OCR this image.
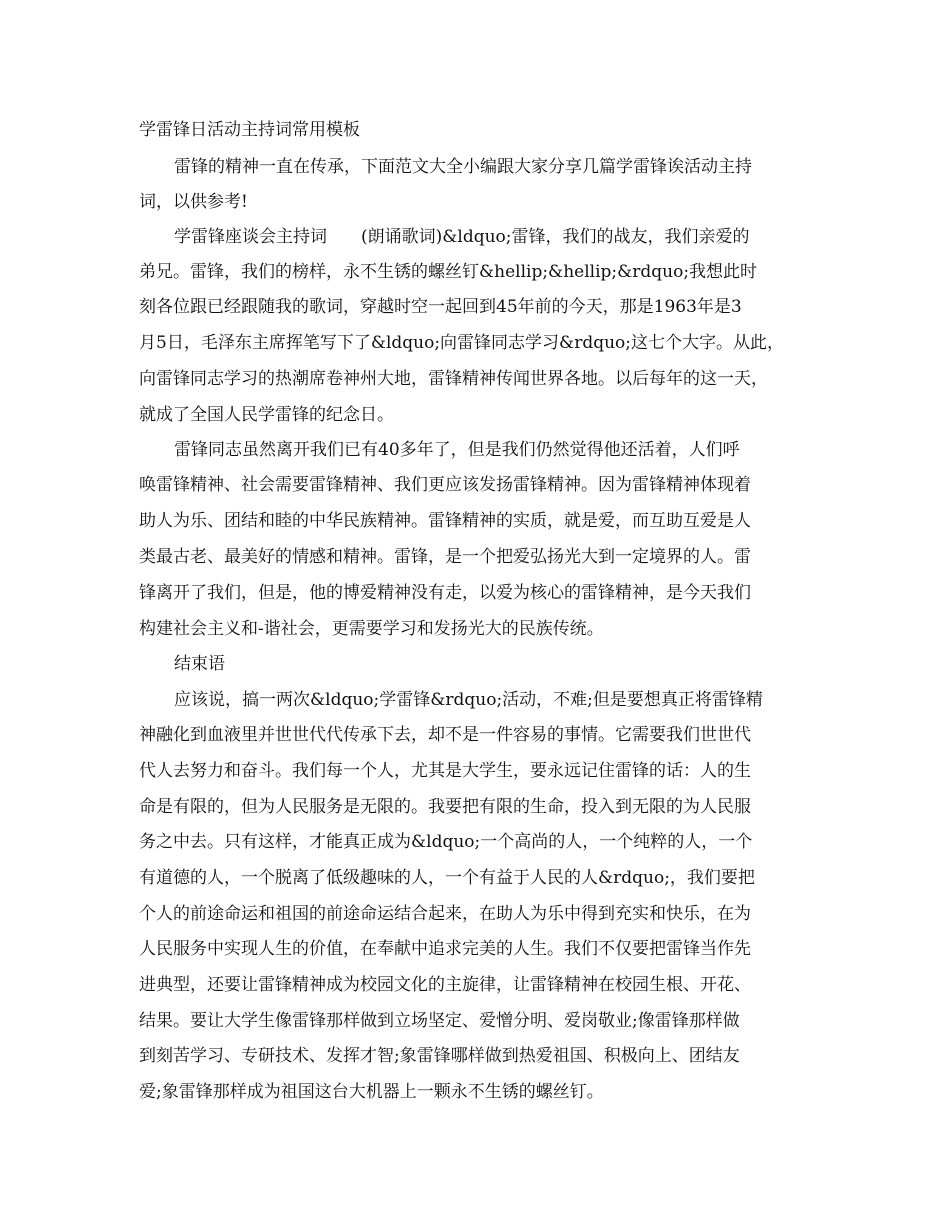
学雷锋日活动主持词常用模板
雷锋的精神一直在传承，下面范文大全小编跟大家分享几篇学雷锋诶活动主持
词，以供参考!
学雷锋座谈会主持词　　(朗诵歌词)&ldquo;雷锋，我们的战友，我们亲爱的
弟兄。雷锋，我们的榜样，永不生锈的螺丝钉&hellip;&hellip;&rdquo;我想此时
刻各位跟已经跟随我的歌词，穿越时空一起回到45年前的今天，那是1963年是3
月5日，毛泽东主席挥笔写下了&ldquo;向雷锋同志学习&rdquo;这七个大字。从此，
向雷锋同志学习的热潮席卷神州大地，雷锋精神传闻世界各地。以后每年的这一天，
就成了全国人民学雷锋的纪念日。
雷锋同志虽然离开我们已有40多年了，但是我们仍然觉得他还活着，人们呼
唤雷锋精神、社会需要雷锋精神、我们更应该发扬雷锋精神。因为雷锋精神体现着
助人为乐、团结和睦的中华民族精神。雷锋精神的实质，就是爱，而互助互爱是人
类最古老、最美好的情感和精神。雷锋，是一个把爱弘扬光大到一定境界的人。雷
锋离开了我们，但是，他的博爱精神没有走，以爱为核心的雷锋精神，是今天我们
构建社会主义和-谐社会，更需要学习和发扬光大的民族传统。
结束语
应该说，搞一两次&ldquo;学雷锋&rdquo;活动，不难;但是要想真正将雷锋精
神融化到血液里并世世代代传承下去，却不是一件容易的事情。它需要我们世世代
代人去努力和奋斗。我们每一个人，尤其是大学生，要永远记住雷锋的话：人的生
命是有限的，但为人民服务是无限的。我要把有限的生命，投入到无限的为人民服
务之中去。只有这样，才能真正成为&ldquo;一个高尚的人，一个纯粹的人，一个
有道德的人，一个脱离了低级趣味的人，一个有益于人民的人&rdquo;，我们要把
个人的前途命运和祖国的前途命运结合起来，在助人为乐中得到充实和快乐，在为
人民服务中实现人生的价值，在奉献中追求完美的人生。我们不仅要把雷锋当作先
进典型，还要让雷锋精神成为校园文化的主旋律，让雷锋精神在校园生根、开花、
结果。要让大学生像雷锋那样做到立场坚定、爱憎分明、爱岗敬业;像雷锋那样做
到刻苦学习、专研技术、发挥才智;象雷锋哪样做到热爱祖国、积极向上、团结友
爱;象雷锋那样成为祖国这台大机器上一颗永不生锈的螺丝钉。
